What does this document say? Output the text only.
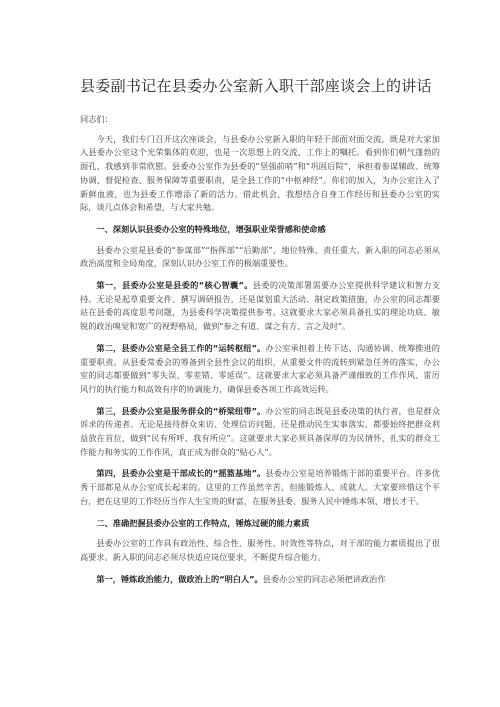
县委副书记在县委办公室新入职干部座谈会上的讲话

同志们：

今天，我们专门召开这次座谈会，与县委办公室新入职的年轻干部面对面交流，既是对大家加入县委办公室这个光荣集体的欢迎，也是一次思想上的交流、工作上的嘱托。看到你们朝气蓬勃的面孔，我感到非常欣慰。县委办公室作为县委的“坚强前哨”和“巩固后院”，承担着参谋辅政、统筹协调、督促检查、服务保障等重要职责，是全县工作的“中枢神经”。你们的加入，为办公室注入了新鲜血液，也为县委工作增添了新的活力。借此机会，我想结合自身工作经历和县委办公室的实际，谈几点体会和希望，与大家共勉。

一、深刻认识县委办公室的特殊地位，增强职业荣誉感和使命感

县委办公室是县委的“参谋部”“指挥部”“后勤部”，地位特殊、责任重大。新入职的同志必须从政治高度和全局角度，深刻认识办公室工作的极端重要性。

第一，县委办公室是县委的“核心智囊”。县委的决策部署需要办公室提供科学建议和智力支持。无论是起草重要文件、撰写调研报告，还是谋划重大活动、制定政策措施，办公室的同志都要站在县委的高度思考问题，为县委科学决策提供参考。这就要求大家必须具备扎实的理论功底、敏锐的政治嗅觉和宽广的视野格局，做到“参之有道、谋之有方、言之及时”。

第二，县委办公室是全县工作的“运转枢纽”。办公室承担着上传下达、沟通协调、统筹推进的重要职责。从县委常委会的筹备到全县性会议的组织，从重要文件的流转到紧急任务的落实，办公室的同志都要做到“零失误、零差错、零延误”。这就要求大家必须具备严谨细致的工作作风、雷厉风行的执行能力和高效有序的协调能力，确保县委各项工作高效运转。

第三，县委办公室是服务群众的“桥梁纽带”。办公室的同志既是县委决策的执行者，也是群众诉求的传递者。无论是接待群众来访、处理信访问题，还是推动民生实事落实，都要始终把群众利益放在首位，做到“民有所呼、我有所应”。这就要求大家必须具备深厚的为民情怀、扎实的群众工作能力和务实的工作作风，真正成为群众的“贴心人”。

第四，县委办公室是干部成长的“摇篮基地”。县委办公室是培养锻炼干部的重要平台。许多优秀干部都是从办公室成长起来的。这里的工作虽然辛苦，但能锻炼人、成就人。大家要珍惜这个平台，把在这里的工作经历当作人生宝贵的财富，在服务县委、服务人民中锤炼本领、增长才干。

二、准确把握县委办公室的工作特点，锤炼过硬的能力素质

县委办公室的工作具有政治性、综合性、服务性、时效性等特点，对干部的能力素质提出了很高要求。新入职的同志必须尽快适应岗位要求，不断提升综合能力。

第一，锤炼政治能力，做政治上的“明白人”。县委办公室的同志必须把讲政治作
